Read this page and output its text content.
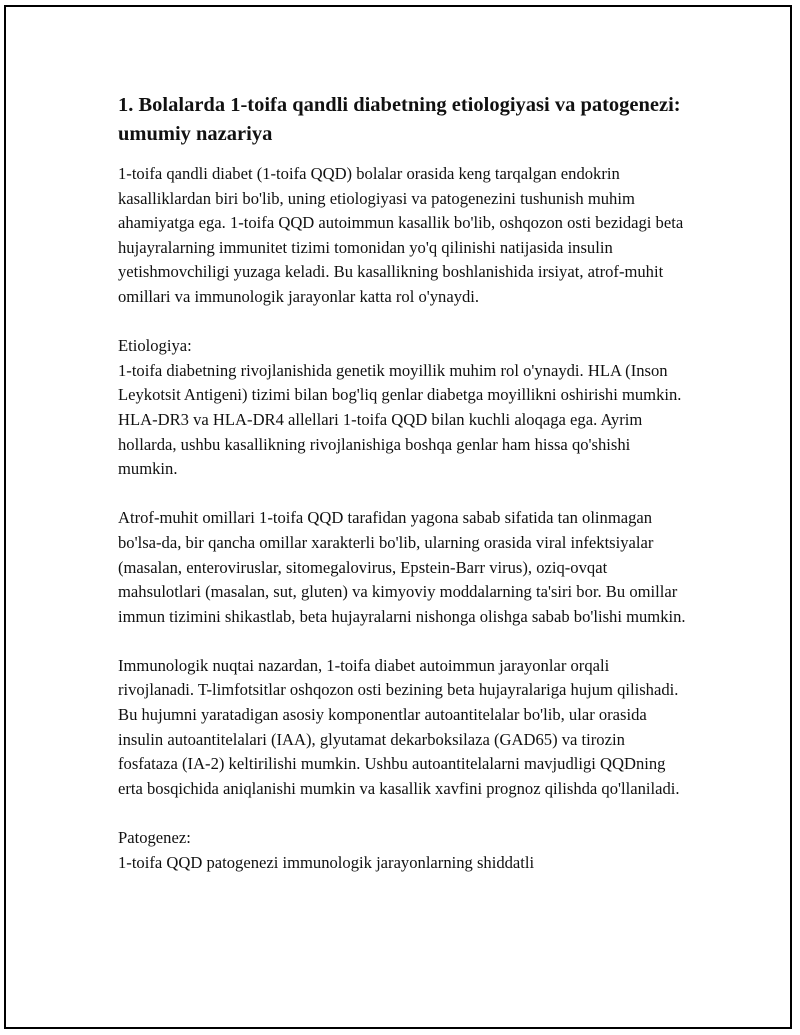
1. Bolalarda 1-toifa qandli diabetning etiologiyasi va patogenezi: umumiy nazariya

1-toifa qandli diabet (1-toifa QQD) bolalar orasida keng tarqalgan endokrin kasalliklardan biri bo'lib, uning etiologiyasi va patogenezini tushunish muhim ahamiyatga ega. 1-toifa QQD autoimmun kasallik bo'lib, oshqozon osti bezidagi beta hujayralarning immunitet tizimi tomonidan yo'q qilinishi natijasida insulin yetishmovchiligi yuzaga keladi. Bu kasallikning boshlanishida irsiyat, atrof-muhit omillari va immunologik jarayonlar katta rol o'ynaydi.

Etiologiya:
1-toifa diabetning rivojlanishida genetik moyillik muhim rol o'ynaydi. HLA (Inson Leykotsit Antigeni) tizimi bilan bog'liq genlar diabetga moyillikni oshirishi mumkin. HLA-DR3 va HLA-DR4 allellari 1-toifa QQD bilan kuchli aloqaga ega. Ayrim hollarda, ushbu kasallikning rivojlanishiga boshqa genlar ham hissa qo'shishi mumkin.

Atrof-muhit omillari 1-toifa QQD tarafidan yagona sabab sifatida tan olinmagan bo'lsa-da, bir qancha omillar xarakterli bo'lib, ularning orasida viral infektsiyalar (masalan, enteroviruslar, sitomegalovirus, Epstein-Barr virus), oziq-ovqat mahsulotlari (masalan, sut, gluten) va kimyoviy moddalarning ta'siri bor. Bu omillar immun tizimini shikastlab, beta hujayralarni nishonga olishga sabab bo'lishi mumkin.

Immunologik nuqtai nazardan, 1-toifa diabet autoimmun jarayonlar orqali rivojlanadi. T-limfotsitlar oshqozon osti bezining beta hujayralariga hujum qilishadi. Bu hujumni yaratadigan asosiy komponentlar autoantitelalar bo'lib, ular orasida insulin autoantitelalari (IAA), glyutamat dekarboksilaza (GAD65) va tirozin fosfataza (IA-2) keltirilishi mumkin. Ushbu autoantitelalarni mavjudligi QQDning erta bosqichida aniqlanishi mumkin va kasallik xavfini prognoz qilishda qo'llaniladi.

Patogenez:
1-toifa QQD patogenezi immunologik jarayonlarning shiddatli
